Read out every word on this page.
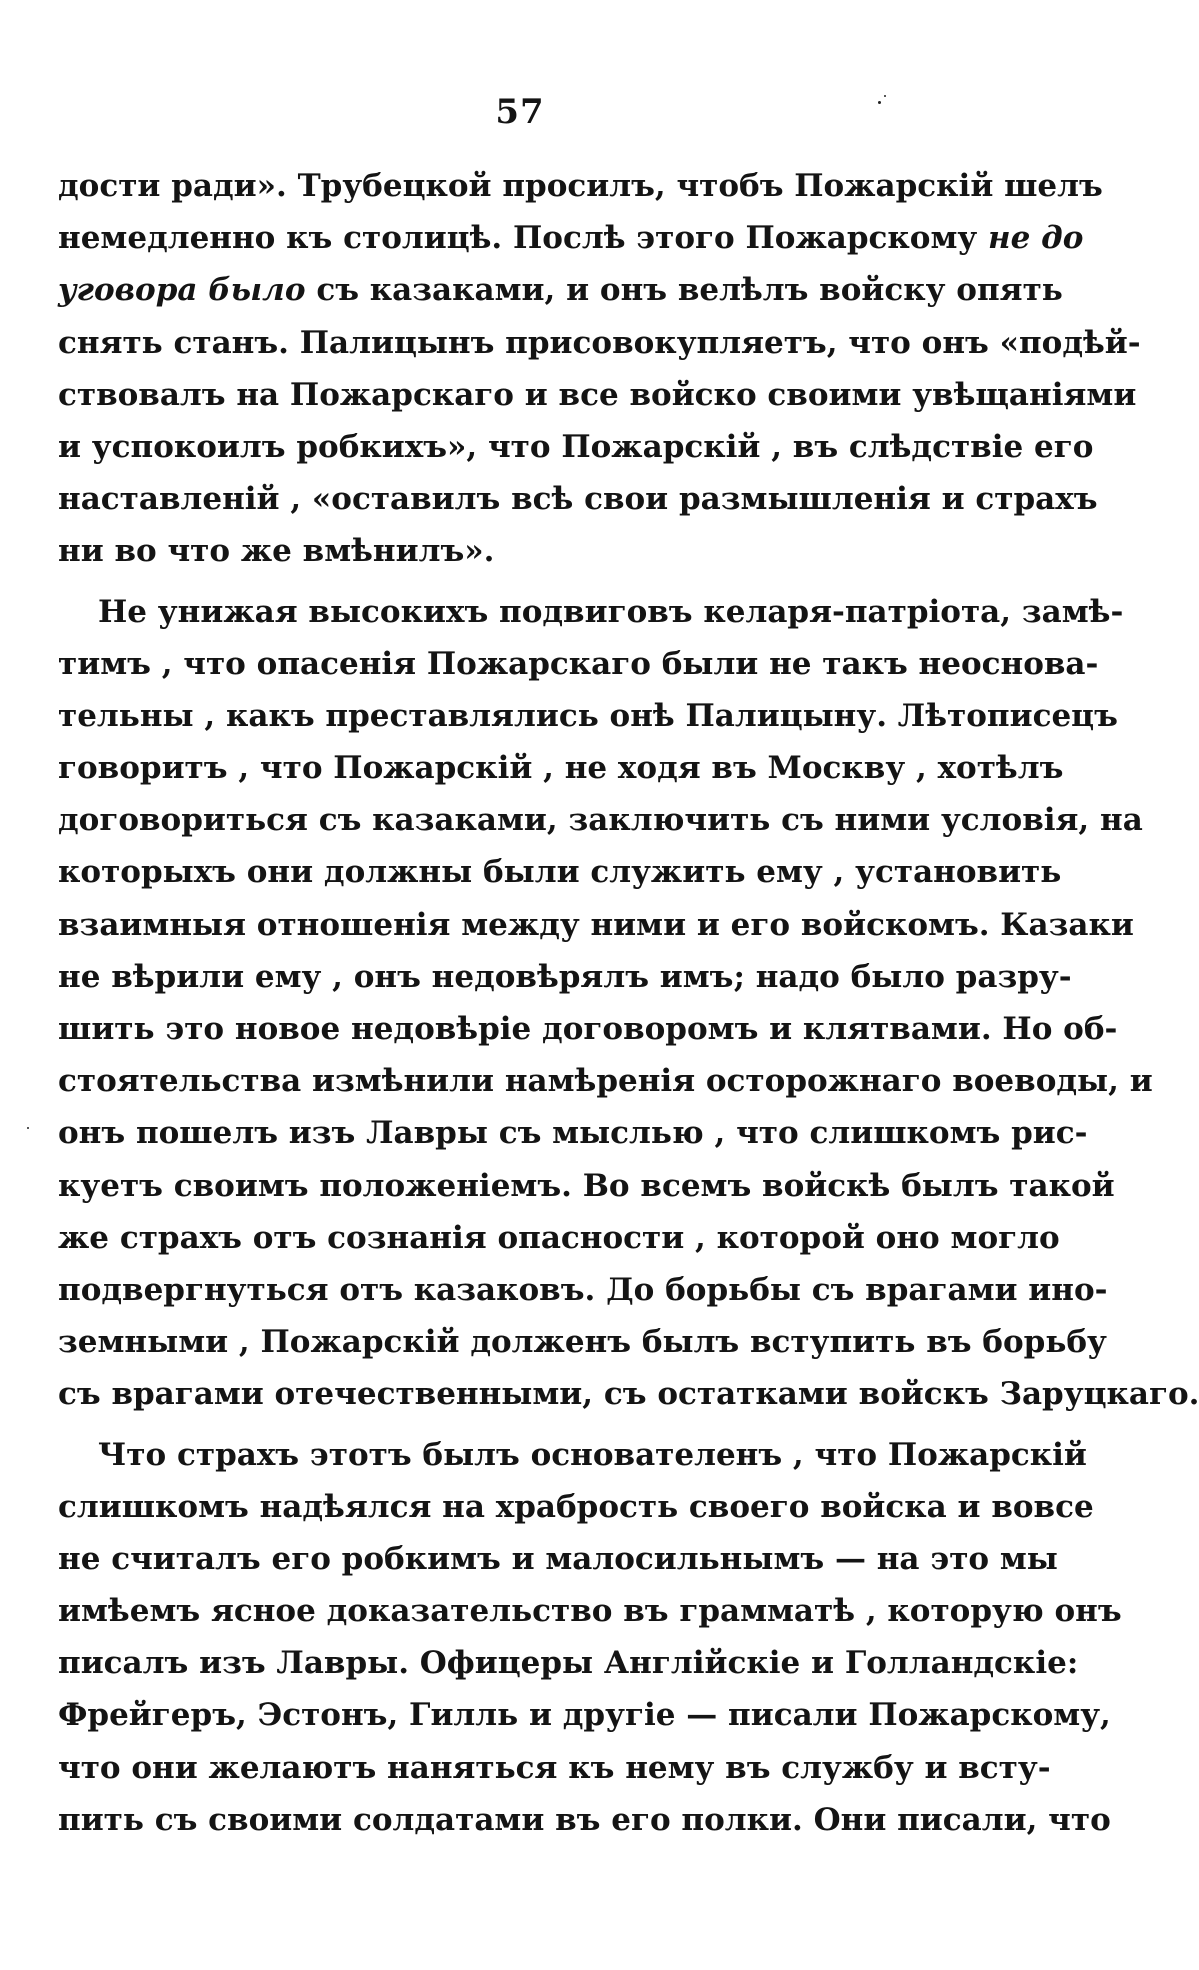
57
дости ради». Трубецкой просилъ, чтобъ Пожарскій шелъ
немедленно къ столицѣ. Послѣ этого Пожарскому не до
уговора было съ казаками, и онъ велѣлъ войску опять
снять станъ. Палицынъ присовокупляетъ, что онъ «подѣй-
ствовалъ на Пожарскаго и все войско своими увѣщаніями
и успокоилъ робкихъ», что Пожарскій , въ слѣдствіе его
наставленій , «оставилъ всѣ свои размышленія и страхъ
ни во что же вмѣнилъ».
Не унижая высокихъ подвиговъ келаря-патріота, замѣ-
тимъ , что опасенія Пожарскаго были не такъ неоснова-
тельны , какъ преставлялись онѣ Палицыну. Лѣтописецъ
говоритъ , что Пожарскій , не ходя въ Москву , хотѣлъ
договориться съ казаками, заключить съ ними условія, на
которыхъ они должны были служить ему , установить
взаимныя отношенія между ними и его войскомъ. Казаки
не вѣрили ему , онъ недовѣрялъ имъ; надо было разру-
шить это новое недовѣріе договоромъ и клятвами. Но об-
стоятельства измѣнили намѣренія осторожнаго воеводы, и
онъ пошелъ изъ Лавры съ мыслью , что слишкомъ рис-
куетъ своимъ положеніемъ. Во всемъ войскѣ былъ такой
же страхъ отъ сознанія опасности , которой оно могло
подвергнуться отъ казаковъ. До борьбы съ врагами ино-
земными , Пожарскій долженъ былъ вступить въ борьбу
съ врагами отечественными, съ остатками войскъ Заруцкаго.
Что страхъ этотъ былъ основателенъ , что Пожарскій
слишкомъ надѣялся на храбрость своего войска и вовсе
не считалъ его робкимъ и малосильнымъ — на это мы
имѣемъ ясное доказательство въ грамматѣ , которую онъ
писалъ изъ Лавры. Офицеры Англійскіе и Голландскіе:
Фрейгеръ, Эстонъ, Гилль и другіе — писали Пожарскому,
что они желаютъ наняться къ нему въ службу и всту-
пить съ своими солдатами въ его полки. Они писали, что
